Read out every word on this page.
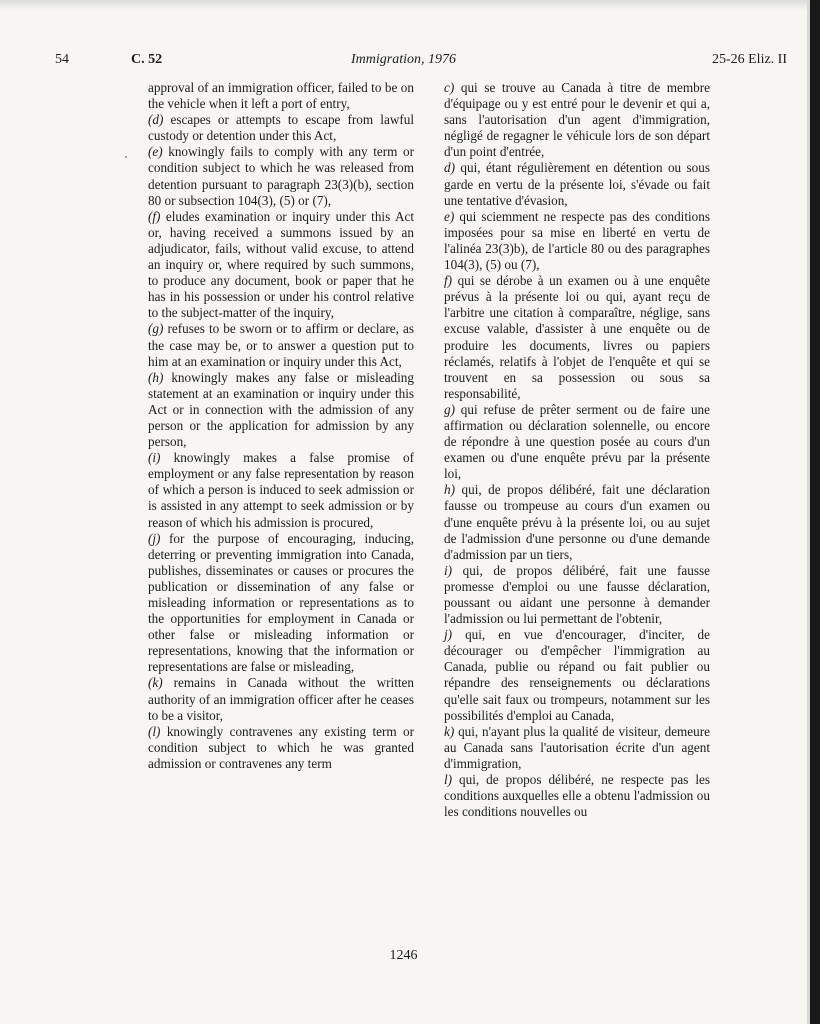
54	C. 52	Immigration, 1976	25-26 Eliz. II

approval of an immigration officer, failed to be on the vehicle when it left a port of entry,

(d) escapes or attempts to escape from lawful custody or detention under this Act,

(e) knowingly fails to comply with any term or condition subject to which he was released from detention pursuant to paragraph 23(3)(b), section 80 or subsection 104(3), (5) or (7),

(f) eludes examination or inquiry under this Act or, having received a summons issued by an adjudicator, fails, without valid excuse, to attend an inquiry or, where required by such summons, to produce any document, book or paper that he has in his possession or under his control relative to the subject-matter of the inquiry,

(g) refuses to be sworn or to affirm or declare, as the case may be, or to answer a question put to him at an examination or inquiry under this Act,

(h) knowingly makes any false or misleading statement at an examination or inquiry under this Act or in connection with the admission of any person or the application for admission by any person,

(i) knowingly makes a false promise of employment or any false representation by reason of which a person is induced to seek admission or is assisted in any attempt to seek admission or by reason of which his admission is procured,

(j) for the purpose of encouraging, inducing, deterring or preventing immigration into Canada, publishes, disseminates or causes or procures the publication or dissemination of any false or misleading information or representations as to the opportunities for employment in Canada or other false or misleading information or representations, knowing that the information or representations are false or misleading,

(k) remains in Canada without the written authority of an immigration officer after he ceases to be a visitor,

(l) knowingly contravenes any existing term or condition subject to which he was granted admission or contravenes any term

c) qui se trouve au Canada à titre de membre d'équipage ou y est entré pour le devenir et qui a, sans l'autorisation d'un agent d'immigration, négligé de regagner le véhicule lors de son départ d'un point d'entrée,

d) qui, étant régulièrement en détention ou sous garde en vertu de la présente loi, s'évade ou fait une tentative d'évasion,

e) qui sciemment ne respecte pas des conditions imposées pour sa mise en liberté en vertu de l'alinéa 23(3)b), de l'article 80 ou des paragraphes 104(3), (5) ou (7),

f) qui se dérobe à un examen ou à une enquête prévus à la présente loi ou qui, ayant reçu de l'arbitre une citation à comparaître, néglige, sans excuse valable, d'assister à une enquête ou de produire les documents, livres ou papiers réclamés, relatifs à l'objet de l'enquête et qui se trouvent en sa possession ou sous sa responsabilité,

g) qui refuse de prêter serment ou de faire une affirmation ou déclaration solennelle, ou encore de répondre à une question posée au cours d'un examen ou d'une enquête prévu par la présente loi,

h) qui, de propos délibéré, fait une déclaration fausse ou trompeuse au cours d'un examen ou d'une enquête prévu à la présente loi, ou au sujet de l'admission d'une personne ou d'une demande d'admission par un tiers,

i) qui, de propos délibéré, fait une fausse promesse d'emploi ou une fausse déclaration, poussant ou aidant une personne à demander l'admission ou lui permettant de l'obtenir,

j) qui, en vue d'encourager, d'inciter, de décourager ou d'empêcher l'immigration au Canada, publie ou répand ou fait publier ou répandre des renseignements ou déclarations qu'elle sait faux ou trompeurs, notamment sur les possibilités d'emploi au Canada,

k) qui, n'ayant plus la qualité de visiteur, demeure au Canada sans l'autorisation écrite d'un agent d'immigration,

l) qui, de propos délibéré, ne respecte pas les conditions auxquelles elle a obtenu l'admission ou les conditions nouvelles ou

1246
